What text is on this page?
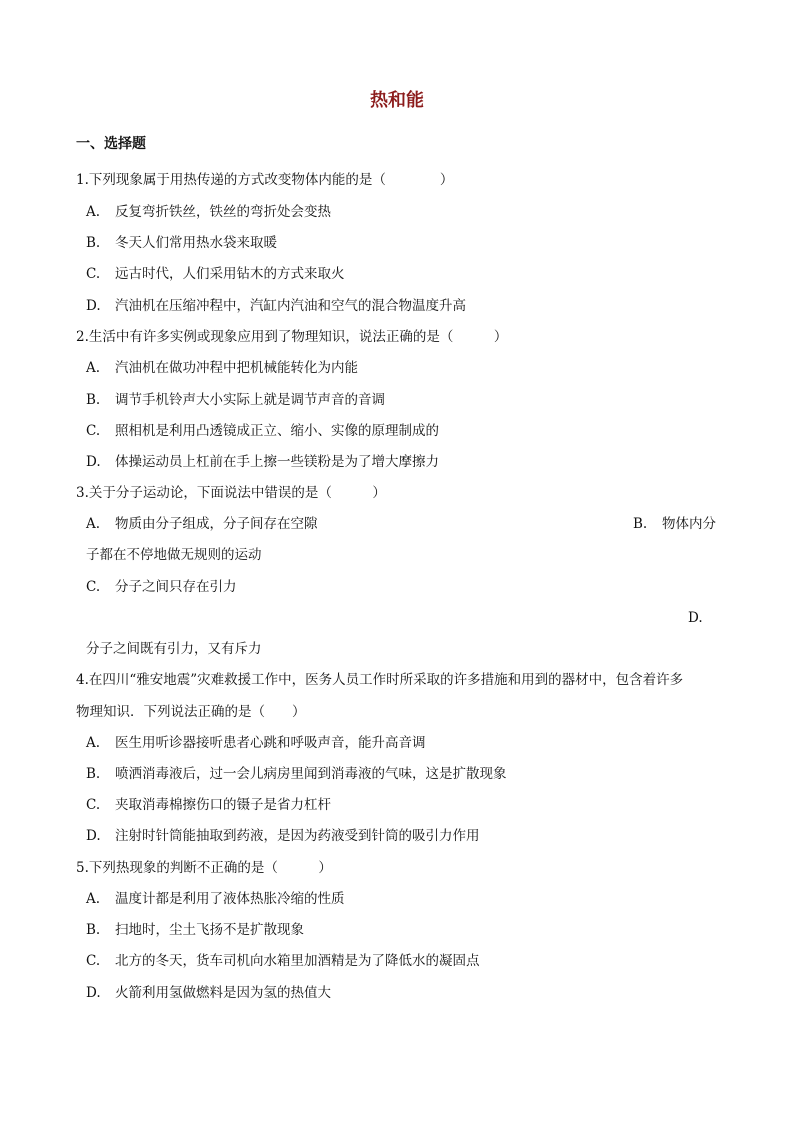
热和能
一、选择题
1.下列现象属于用热传递的方式改变物体内能的是（　　　　）
A. 反复弯折铁丝，铁丝的弯折处会变热
B. 冬天人们常用热水袋来取暖
C. 远古时代，人们采用钻木的方式来取火
D. 汽油机在压缩冲程中，汽缸内汽油和空气的混合物温度升高
2.生活中有许多实例或现象应用到了物理知识，说法正确的是（　　　）
A. 汽油机在做功冲程中把机械能转化为内能
B. 调节手机铃声大小实际上就是调节声音的音调
C. 照相机是利用凸透镜成正立、缩小、实像的原理制成的
D. 体操运动员上杠前在手上擦一些镁粉是为了增大摩擦力
3.关于分子运动论，下面说法中错误的是（　　　）
A. 物质由分子组成，分子间存在空隙	B. 物体内分
子都在不停地做无规则的运动
C. 分子之间只存在引力
D.
分子之间既有引力，又有斥力
4.在四川“雅安地震”灾难救援工作中，医务人员工作时所采取的许多措施和用到的器材中，包含着许多
物理知识．下列说法正确的是（　　）
A. 医生用听诊器接听患者心跳和呼吸声音，能升高音调
B. 喷洒消毒液后，过一会儿病房里闻到消毒液的气味，这是扩散现象
C. 夹取消毒棉擦伤口的镊子是省力杠杆
D. 注射时针筒能抽取到药液，是因为药液受到针筒的吸引力作用
5.下列热现象的判断不正确的是（　　　）
A. 温度计都是利用了液体热胀冷缩的性质
B. 扫地时，尘土飞扬不是扩散现象
C. 北方的冬天，货车司机向水箱里加酒精是为了降低水的凝固点
D. 火箭利用氢做燃料是因为氢的热值大
